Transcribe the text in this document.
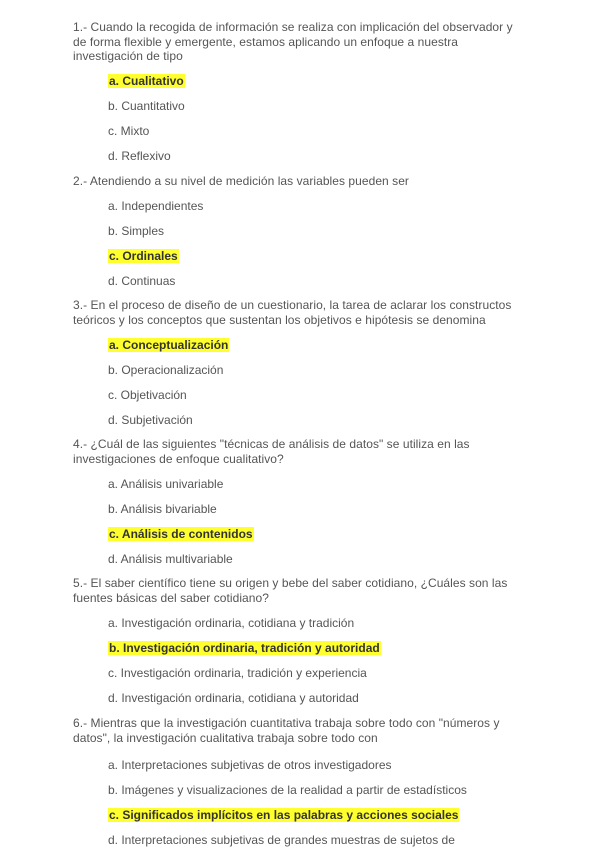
1.- Cuando la recogida de información se realiza con implicación del observador y de forma flexible y emergente, estamos aplicando un enfoque a nuestra investigación de tipo
a. Cualitativo
b. Cuantitativo
c. Mixto
d. Reflexivo
2.- Atendiendo a su nivel de medición las variables pueden ser
a. Independientes
b. Simples
c. Ordinales
d. Continuas
3.- En el proceso de diseño de un cuestionario, la tarea de aclarar los constructos teóricos y los conceptos que sustentan los objetivos e hipótesis se denomina
a. Conceptualización
b. Operacionalización
c. Objetivación
d. Subjetivación
4.- ¿Cuál de las siguientes "técnicas de análisis de datos" se utiliza en las investigaciones de enfoque cualitativo?
a. Análisis univariable
b. Análisis bivariable
c. Análisis de contenidos
d. Análisis multivariable
5.- El saber científico tiene su origen y bebe del saber cotidiano, ¿Cuáles son las fuentes básicas del saber cotidiano?
a. Investigación ordinaria, cotidiana y tradición
b. Investigación ordinaria, tradición y autoridad
c. Investigación ordinaria, tradición y experiencia
d. Investigación ordinaria, cotidiana y autoridad
6.- Mientras que la investigación cuantitativa trabaja sobre todo con "números y datos", la investigación cualitativa trabaja sobre todo con
a. Interpretaciones subjetivas de otros investigadores
b. Imágenes y visualizaciones de la realidad a partir de estadísticos
c. Significados implícitos en las palabras y acciones sociales
d. Interpretaciones subjetivas de grandes muestras de sujetos de
